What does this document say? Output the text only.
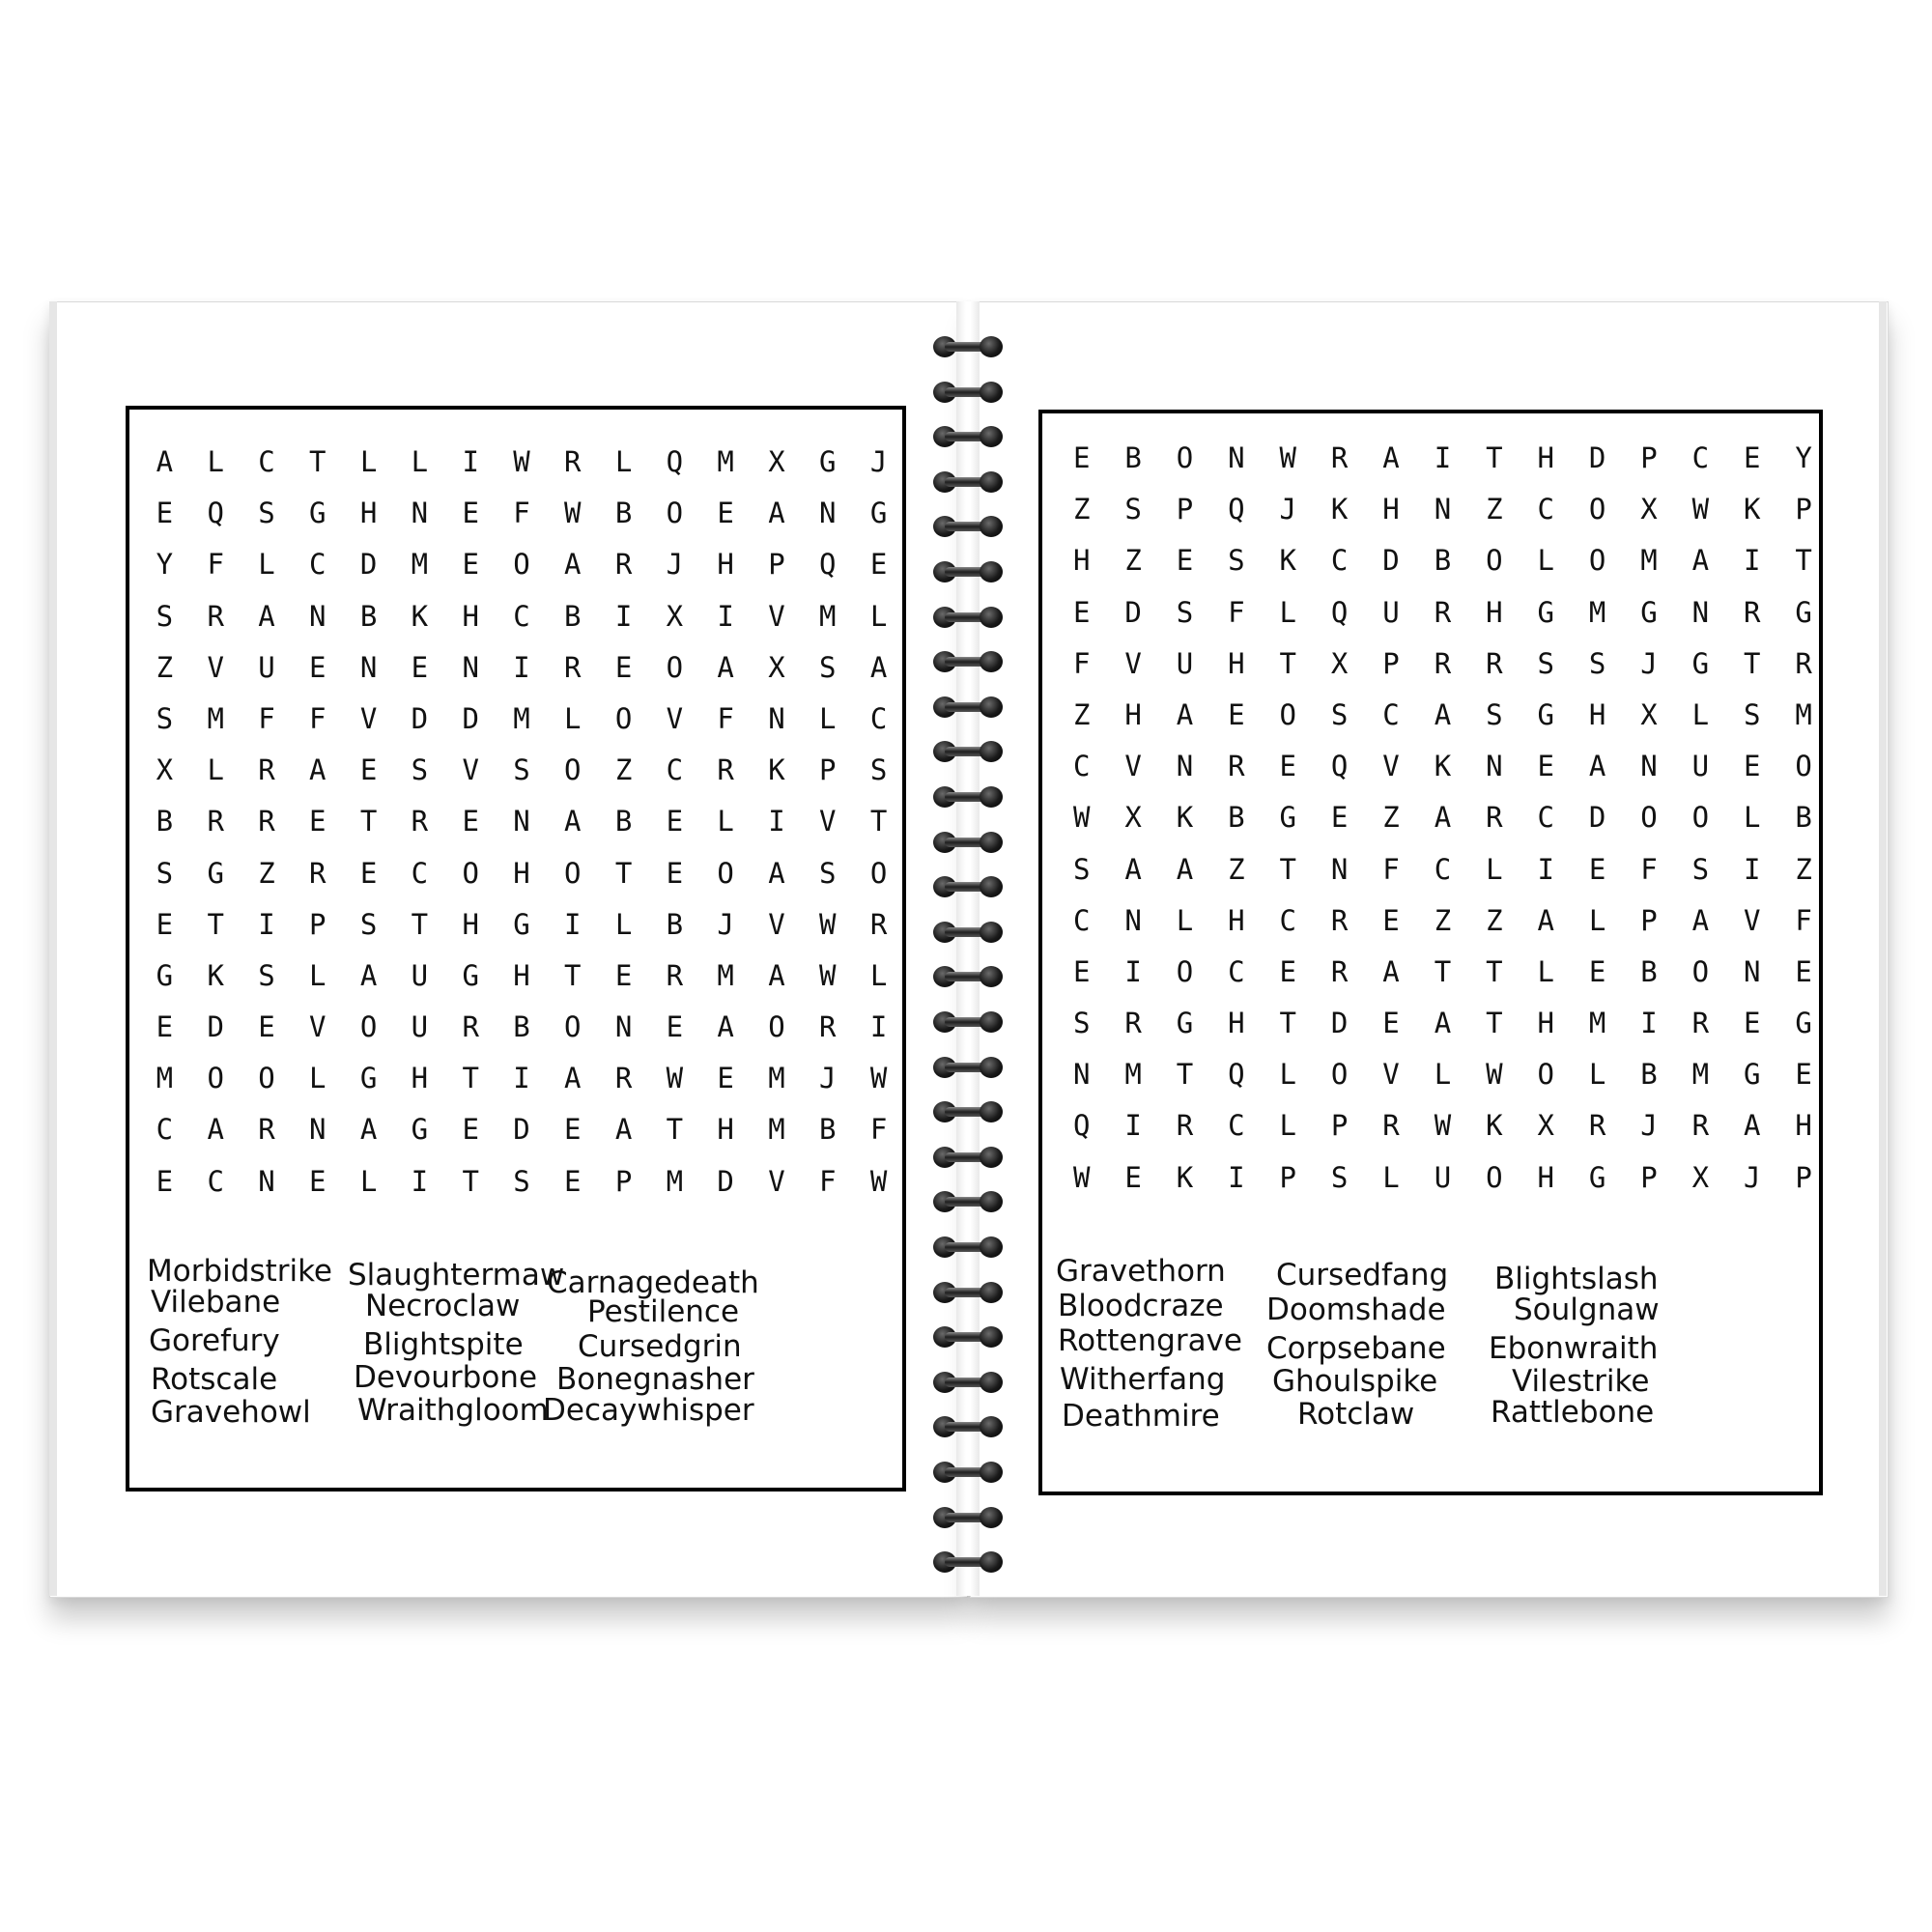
A	L	C	T	L	L	I	W	R	L	Q	M	X	G	J
E	Q	S	G	H	N	E	F	W	B	O	E	A	N	G
Y	F	L	C	D	M	E	O	A	R	J	H	P	Q	E
S	R	A	N	B	K	H	C	B	I	X	I	V	M	L
Z	V	U	E	N	E	N	I	R	E	O	A	X	S	A
S	M	F	F	V	D	D	M	L	O	V	F	N	L	C
X	L	R	A	E	S	V	S	O	Z	C	R	K	P	S
B	R	R	E	T	R	E	N	A	B	E	L	I	V	T
S	G	Z	R	E	C	O	H	O	T	E	O	A	S	O
E	T	I	P	S	T	H	G	I	L	B	J	V	W	R
G	K	S	L	A	U	G	H	T	E	R	M	A	W	L
E	D	E	V	O	U	R	B	O	N	E	A	O	R	I
M	O	O	L	G	H	T	I	A	R	W	E	M	J	W
C	A	R	N	A	G	E	D	E	A	T	H	M	B	F
E	C	N	E	L	I	T	S	E	P	M	D	V	F	W
Morbidstrike
Vilebane
Gorefury
Rotscale
Gravehowl
Slaughtermaw
Necroclaw
Blightspite
Devourbone
Wraithgloom
Carnagedeath
Pestilence
Cursedgrin
Bonegnasher
Decaywhisper
E	B	O	N	W	R	A	I	T	H	D	P	C	E	Y
Z	S	P	Q	J	K	H	N	Z	C	O	X	W	K	P
H	Z	E	S	K	C	D	B	O	L	O	M	A	I	T
E	D	S	F	L	Q	U	R	H	G	M	G	N	R	G
F	V	U	H	T	X	P	R	R	S	S	J	G	T	R
Z	H	A	E	O	S	C	A	S	G	H	X	L	S	M
C	V	N	R	E	Q	V	K	N	E	A	N	U	E	O
W	X	K	B	G	E	Z	A	R	C	D	O	O	L	B
S	A	A	Z	T	N	F	C	L	I	E	F	S	I	Z
C	N	L	H	C	R	E	Z	Z	A	L	P	A	V	F
E	I	O	C	E	R	A	T	T	L	E	B	O	N	E
S	R	G	H	T	D	E	A	T	H	M	I	R	E	G
N	M	T	Q	L	O	V	L	W	O	L	B	M	G	E
Q	I	R	C	L	P	R	W	K	X	R	J	R	A	H
W	E	K	I	P	S	L	U	O	H	G	P	X	J	P
Gravethorn
Bloodcraze
Rottengrave
Witherfang
Deathmire
Cursedfang
Doomshade
Corpsebane
Ghoulspike
Rotclaw
Blightslash
Soulgnaw
Ebonwraith
Vilestrike
Rattlebone
